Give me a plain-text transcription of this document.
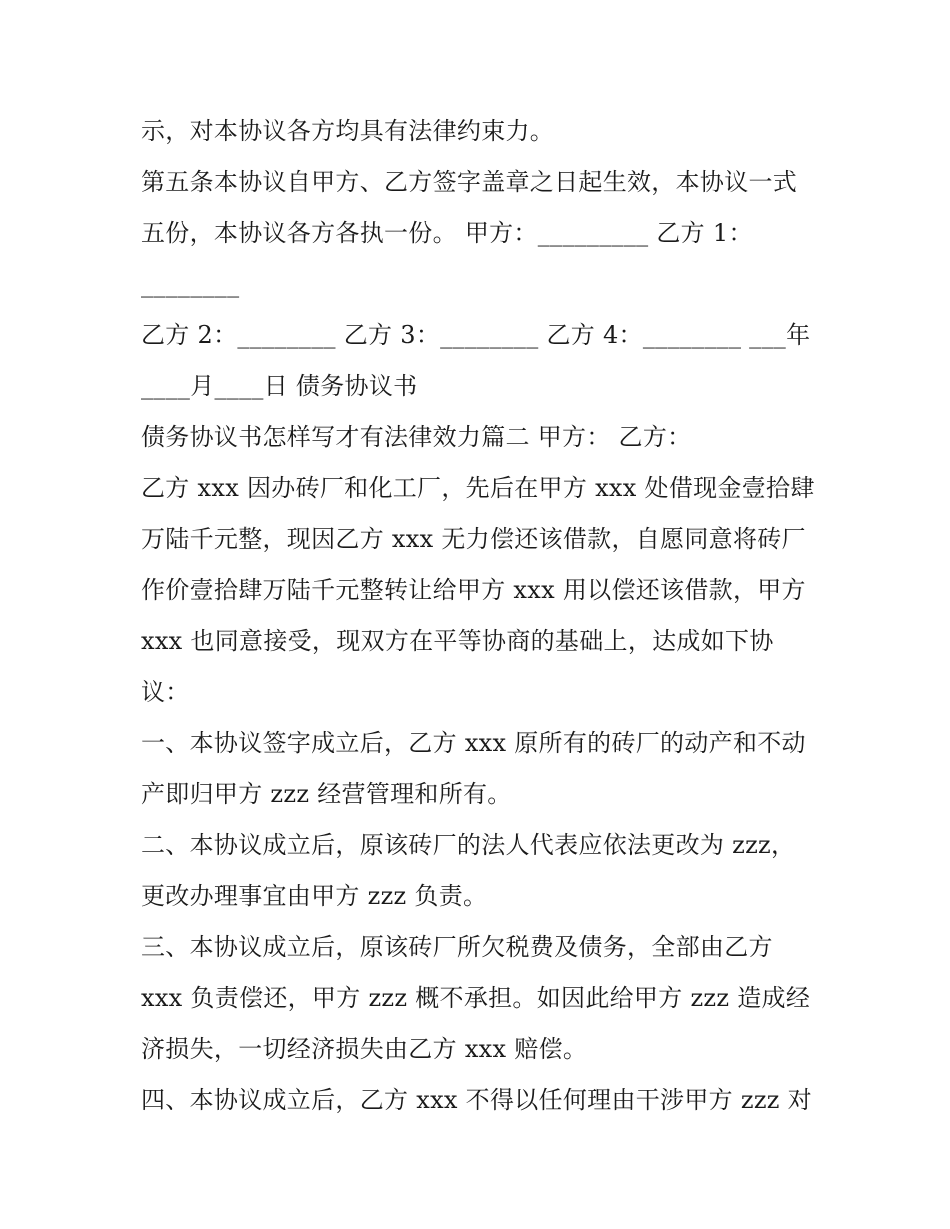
示，对本协议各方均具有法律约束力。

第五条本协议自甲方、乙方签字盖章之日起生效，本协议一式

五份，本协议各方各执一份。 甲方：_________ 乙方 1：

________

乙方 2：________ 乙方 3：________ 乙方 4：________ ___年

____月____日 债务协议书

债务协议书怎样写才有法律效力篇二 甲方： 乙方：

乙方 xxx 因办砖厂和化工厂，先后在甲方 xxx 处借现金壹拾肆

万陆千元整，现因乙方 xxx 无力偿还该借款，自愿同意将砖厂

作价壹拾肆万陆千元整转让给甲方 xxx 用以偿还该借款，甲方

xxx 也同意接受，现双方在平等协商的基础上，达成如下协

议：

一、本协议签字成立后，乙方 xxx 原所有的砖厂的动产和不动

产即归甲方 zzz 经营管理和所有。

二、本协议成立后，原该砖厂的法人代表应依法更改为 zzz，

更改办理事宜由甲方 zzz 负责。

三、本协议成立后，原该砖厂所欠税费及债务，全部由乙方

xxx 负责偿还，甲方 zzz 概不承担。如因此给甲方 zzz 造成经

济损失，一切经济损失由乙方 xxx 赔偿。

四、本协议成立后，乙方 xxx 不得以任何理由干涉甲方 zzz 对
